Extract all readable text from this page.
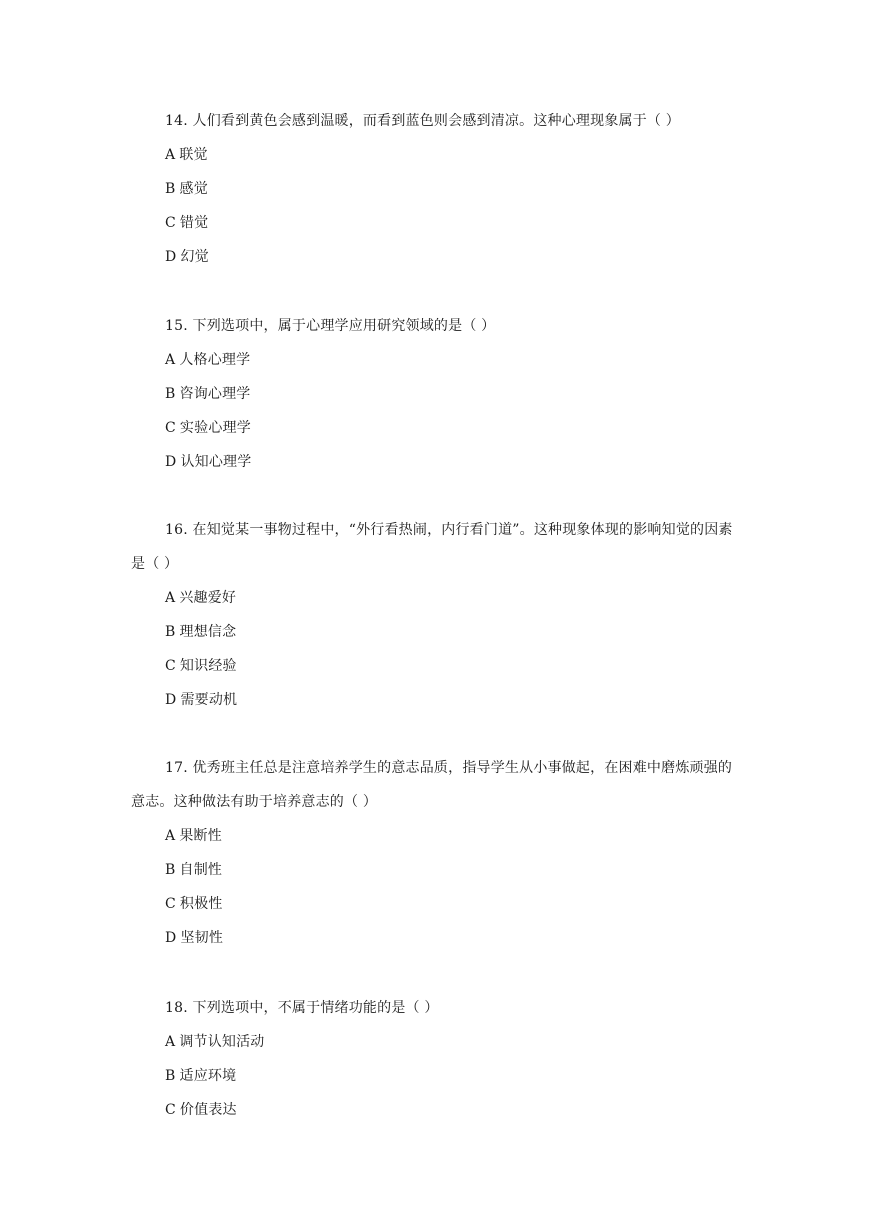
14. 人们看到黄色会感到温暖，而看到蓝色则会感到清凉。这种心理现象属于（ ）

A 联觉
B 感觉
C 错觉
D 幻觉

15. 下列选项中，属于心理学应用研究领域的是（ ）

A 人格心理学
B 咨询心理学
C 实验心理学
D 认知心理学

16. 在知觉某一事物过程中，“外行看热闹，内行看门道”。这种现象体现的影响知觉的因素是（ ）

A 兴趣爱好
B 理想信念
C 知识经验
D 需要动机

17. 优秀班主任总是注意培养学生的意志品质，指导学生从小事做起，在困难中磨炼顽强的意志。这种做法有助于培养意志的（ ）

A 果断性
B 自制性
C 积极性
D 坚韧性

18. 下列选项中，不属于情绪功能的是（ ）

A 调节认知活动
B 适应环境
C 价值表达
